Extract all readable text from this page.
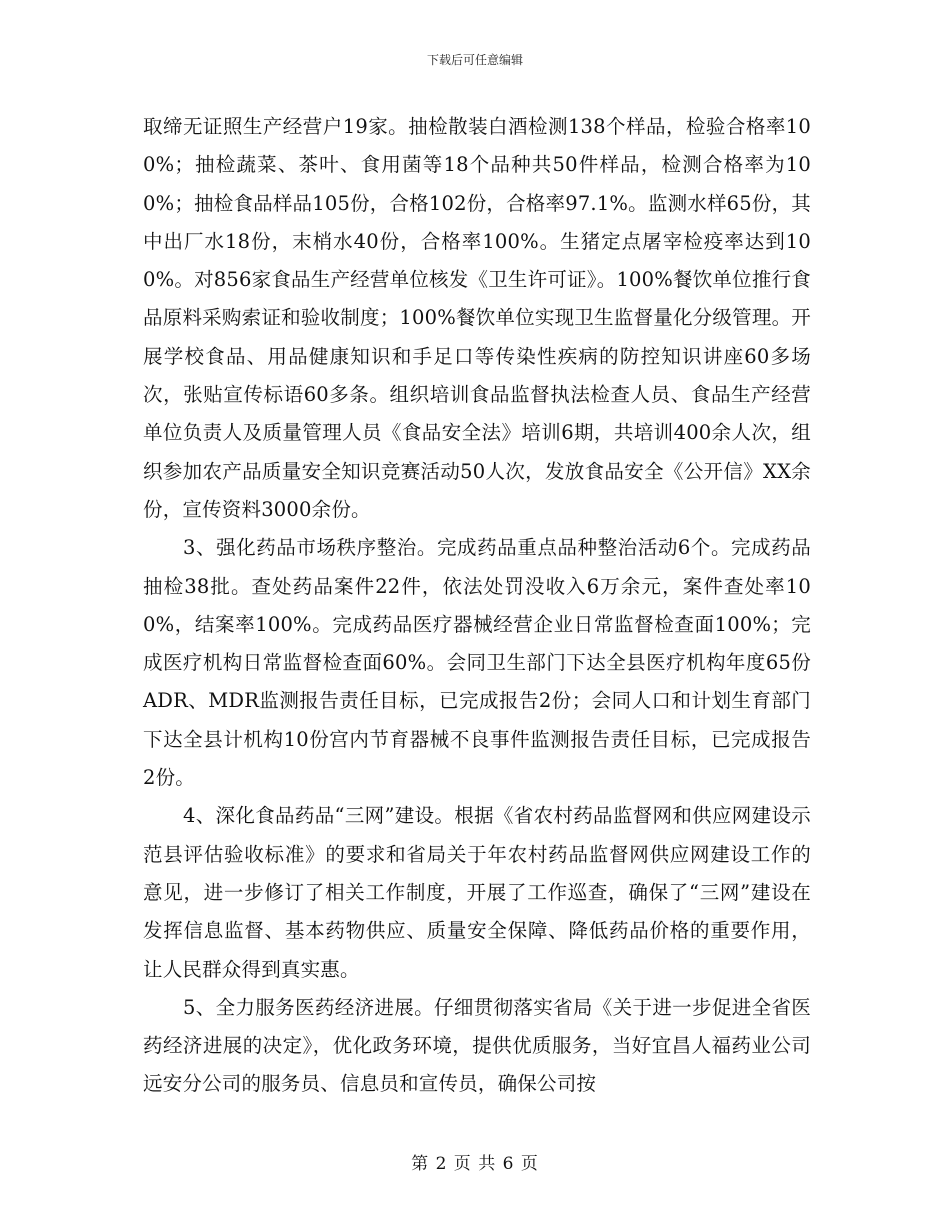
下载后可任意编辑

取缔无证照生产经营户19家。抽检散装白酒检测138个样品，检验合格率100%；抽检蔬菜、茶叶、食用菌等18个品种共50件样品，检测合格率为100%；抽检食品样品105份，合格102份，合格率97.1%。监测水样65份，其中出厂水18份，末梢水40份，合格率100%。生猪定点屠宰检疫率达到100%。对856家食品生产经营单位核发《卫生许可证》。100%餐饮单位推行食品原料采购索证和验收制度；100%餐饮单位实现卫生监督量化分级管理。开展学校食品、用品健康知识和手足口等传染性疾病的防控知识讲座60多场次，张贴宣传标语60多条。组织培训食品监督执法检查人员、食品生产经营单位负责人及质量管理人员《食品安全法》培训6期，共培训400余人次，组织参加农产品质量安全知识竞赛活动50人次，发放食品安全《公开信》XX余份，宣传资料3000余份。

3、强化药品市场秩序整治。完成药品重点品种整治活动6个。完成药品抽检38批。查处药品案件22件，依法处罚没收入6万余元，案件查处率100%，结案率100%。完成药品医疗器械经营企业日常监督检查面100%；完成医疗机构日常监督检查面60%。会同卫生部门下达全县医疗机构年度65份ADR、MDR监测报告责任目标，已完成报告2份；会同人口和计划生育部门下达全县计机构10份宫内节育器械不良事件监测报告责任目标，已完成报告2份。

4、深化食品药品“三网”建设。根据《省农村药品监督网和供应网建设示范县评估验收标准》的要求和省局关于年农村药品监督网供应网建设工作的意见，进一步修订了相关工作制度，开展了工作巡查，确保了“三网”建设在发挥信息监督、基本药物供应、质量安全保障、降低药品价格的重要作用，让人民群众得到真实惠。

5、全力服务医药经济进展。仔细贯彻落实省局《关于进一步促进全省医药经济进展的决定》，优化政务环境，提供优质服务，当好宜昌人福药业公司远安分公司的服务员、信息员和宣传员，确保公司按

第 2 页 共 6 页
